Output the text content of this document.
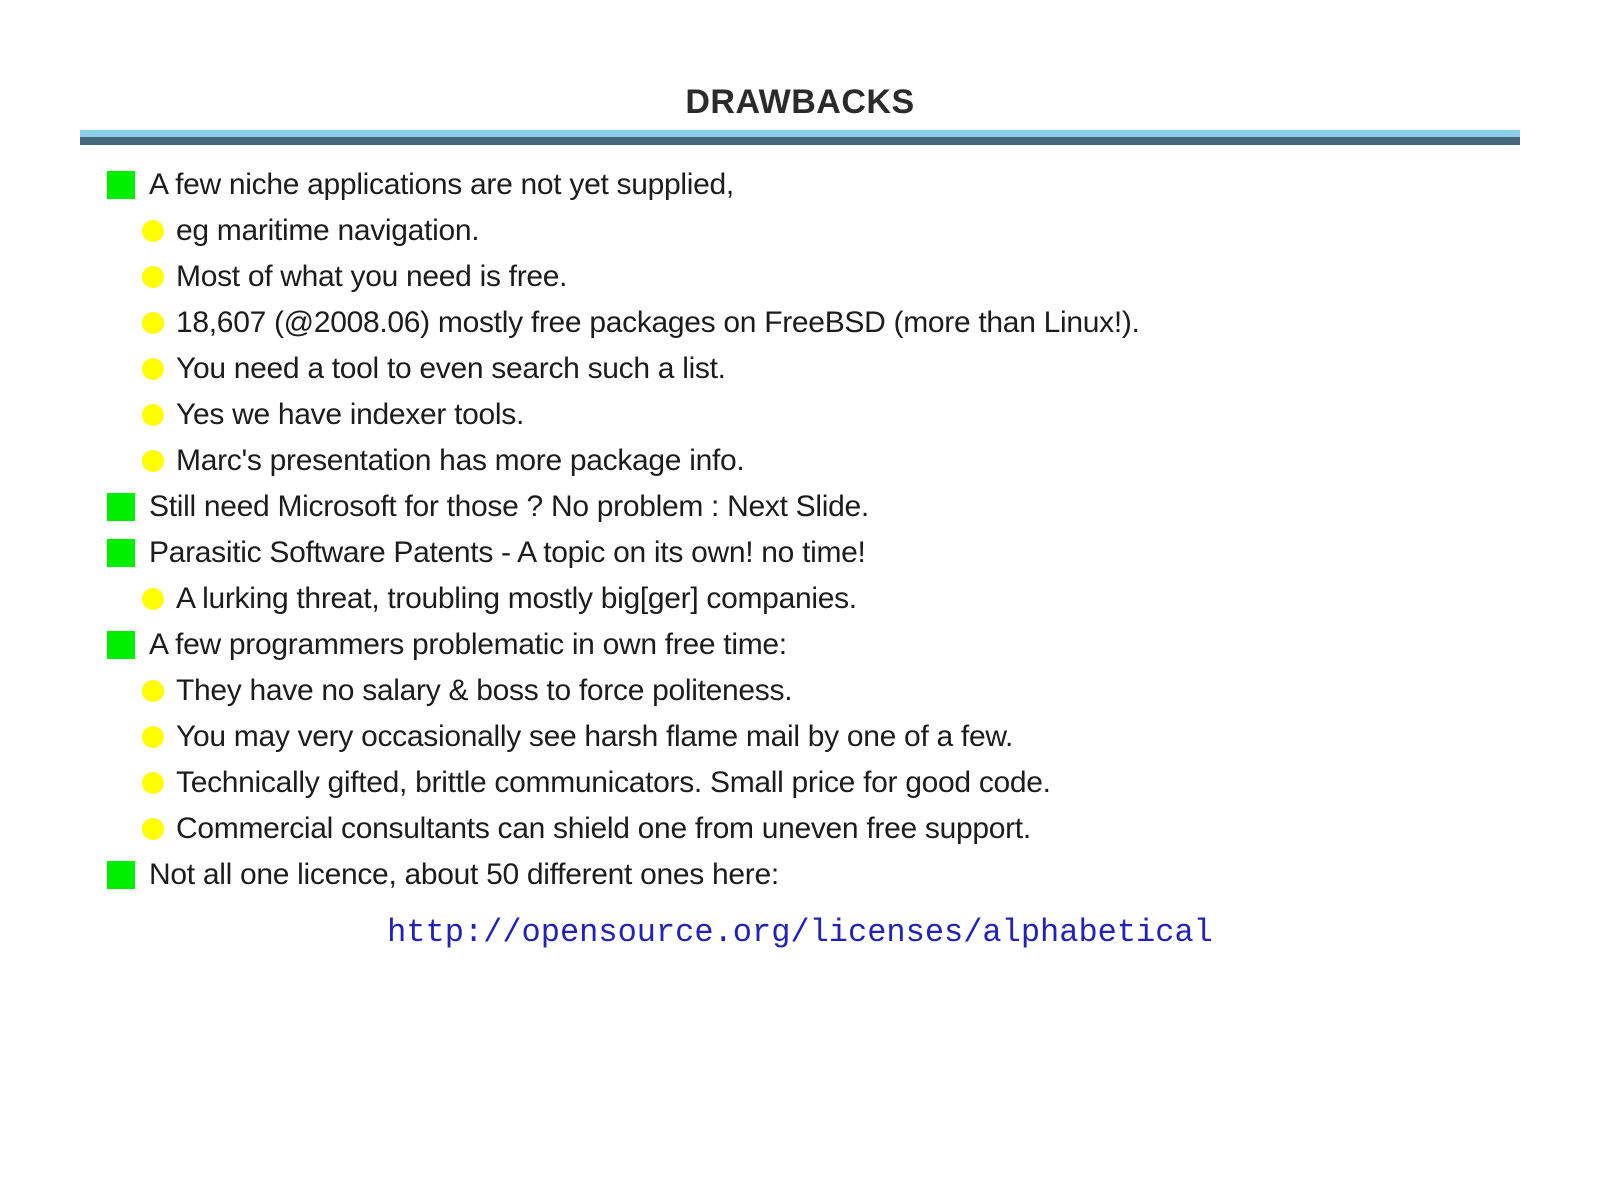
DRAWBACKS
A few niche applications are not yet supplied,
eg maritime navigation.
Most of what you need is free.
18,607 (@2008.06) mostly free packages on FreeBSD (more than Linux!).
You need a tool to even search such a list.
Yes we have indexer tools.
Marc's presentation has more package info.
Still need Microsoft for those ? No problem : Next Slide.
Parasitic Software Patents - A topic on its own! no time!
A lurking threat, troubling mostly big[ger] companies.
A few programmers problematic in own free time:
They have no salary & boss to force politeness.
You may very occasionally see harsh flame mail by one of a few.
Technically gifted, brittle communicators. Small price for good code.
Commercial consultants can shield one from uneven free support.
Not all one licence, about 50 different ones here:
http://opensource.org/licenses/alphabetical
